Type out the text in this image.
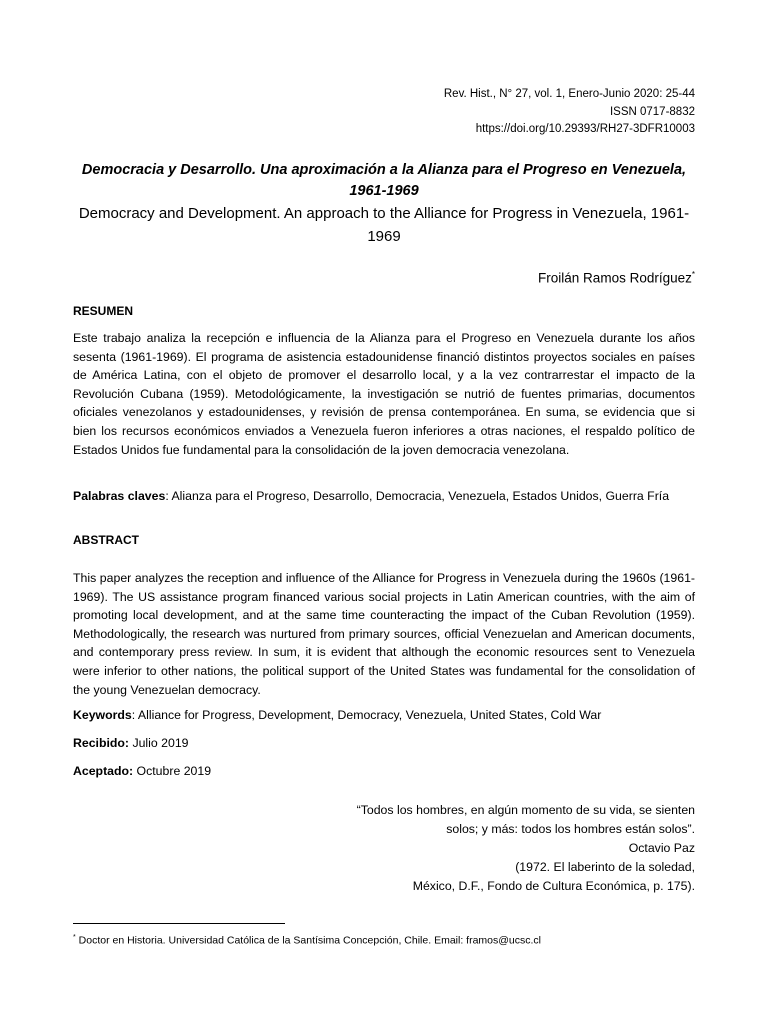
Rev. Hist., N° 27, vol. 1, Enero-Junio 2020: 25-44
ISSN 0717-8832
https://doi.org/10.29393/RH27-3DFR10003
Democracia y Desarrollo. Una aproximación a la Alianza para el Progreso en Venezuela, 1961-1969
Democracy and Development. An approach to the Alliance for Progress in Venezuela, 1961-1969
Froilán Ramos Rodríguez*
RESUMEN
Este trabajo analiza la recepción e influencia de la Alianza para el Progreso en Venezuela durante los años sesenta (1961-1969). El programa de asistencia estadounidense financió distintos proyectos sociales en países de América Latina, con el objeto de promover el desarrollo local, y a la vez contrarrestar el impacto de la Revolución Cubana (1959). Metodológicamente, la investigación se nutrió de fuentes primarias, documentos oficiales venezolanos y estadounidenses, y revisión de prensa contemporánea. En suma, se evidencia que si bien los recursos económicos enviados a Venezuela fueron inferiores a otras naciones, el respaldo político de Estados Unidos fue fundamental para la consolidación de la joven democracia venezolana.
Palabras claves: Alianza para el Progreso, Desarrollo, Democracia, Venezuela, Estados Unidos, Guerra Fría
ABSTRACT
This paper analyzes the reception and influence of the Alliance for Progress in Venezuela during the 1960s (1961-1969). The US assistance program financed various social projects in Latin American countries, with the aim of promoting local development, and at the same time counteracting the impact of the Cuban Revolution (1959). Methodologically, the research was nurtured from primary sources, official Venezuelan and American documents, and contemporary press review. In sum, it is evident that although the economic resources sent to Venezuela were inferior to other nations, the political support of the United States was fundamental for the consolidation of the young Venezuelan democracy.
Keywords: Alliance for Progress, Development, Democracy, Venezuela, United States, Cold War
Recibido: Julio 2019
Aceptado: Octubre 2019
“Todos los hombres, en algún momento de su vida, se sienten
solos; y más: todos los hombres están solos”.
Octavio Paz
(1972. El laberinto de la soledad,
México, D.F., Fondo de Cultura Económica, p. 175).
* Doctor en Historia. Universidad Católica de la Santísima Concepción, Chile. Email: framos@ucsc.cl
